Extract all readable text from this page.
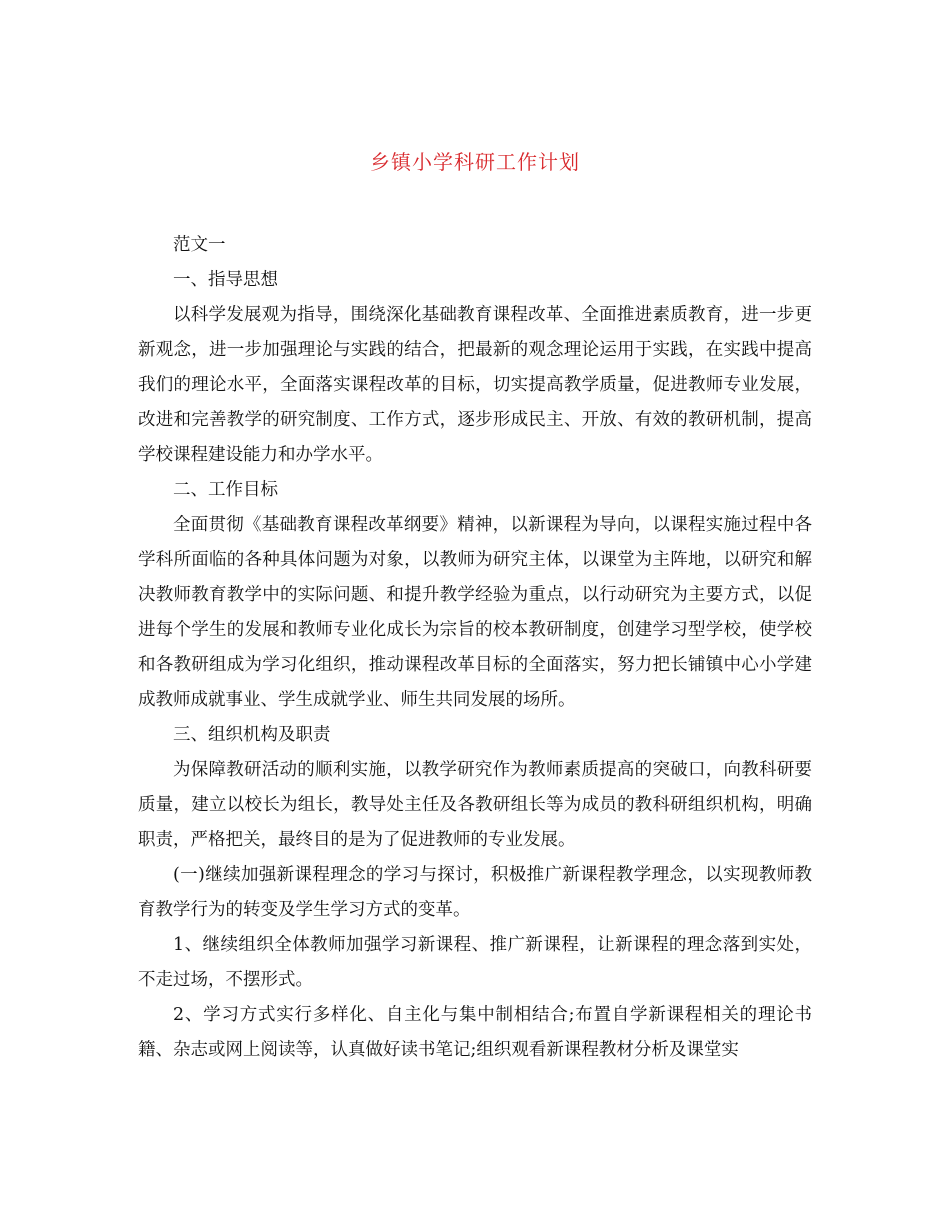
乡镇小学科研工作计划

范文一

一、指导思想

以科学发展观为指导，围绕深化基础教育课程改革、全面推进素质教育，进一步更新观念，进一步加强理论与实践的结合，把最新的观念理论运用于实践，在实践中提高我们的理论水平，全面落实课程改革的目标，切实提高教学质量，促进教师专业发展，改进和完善教学的研究制度、工作方式，逐步形成民主、开放、有效的教研机制，提高学校课程建设能力和办学水平。

二、工作目标

全面贯彻《基础教育课程改革纲要》精神，以新课程为导向，以课程实施过程中各学科所面临的各种具体问题为对象，以教师为研究主体，以课堂为主阵地，以研究和解决教师教育教学中的实际问题、和提升教学经验为重点，以行动研究为主要方式，以促进每个学生的发展和教师专业化成长为宗旨的校本教研制度，创建学习型学校，使学校和各教研组成为学习化组织，推动课程改革目标的全面落实，努力把长铺镇中心小学建成教师成就事业、学生成就学业、师生共同发展的场所。

三、组织机构及职责

为保障教研活动的顺利实施，以教学研究作为教师素质提高的突破口，向教科研要质量，建立以校长为组长，教导处主任及各教研组长等为成员的教科研组织机构，明确职责，严格把关，最终目的是为了促进教师的专业发展。

(一)继续加强新课程理念的学习与探讨，积极推广新课程教学理念，以实现教师教育教学行为的转变及学生学习方式的变革。

1、继续组织全体教师加强学习新课程、推广新课程，让新课程的理念落到实处，不走过场，不摆形式。

2、学习方式实行多样化、自主化与集中制相结合;布置自学新课程相关的理论书籍、杂志或网上阅读等，认真做好读书笔记;组织观看新课程教材分析及课堂实
